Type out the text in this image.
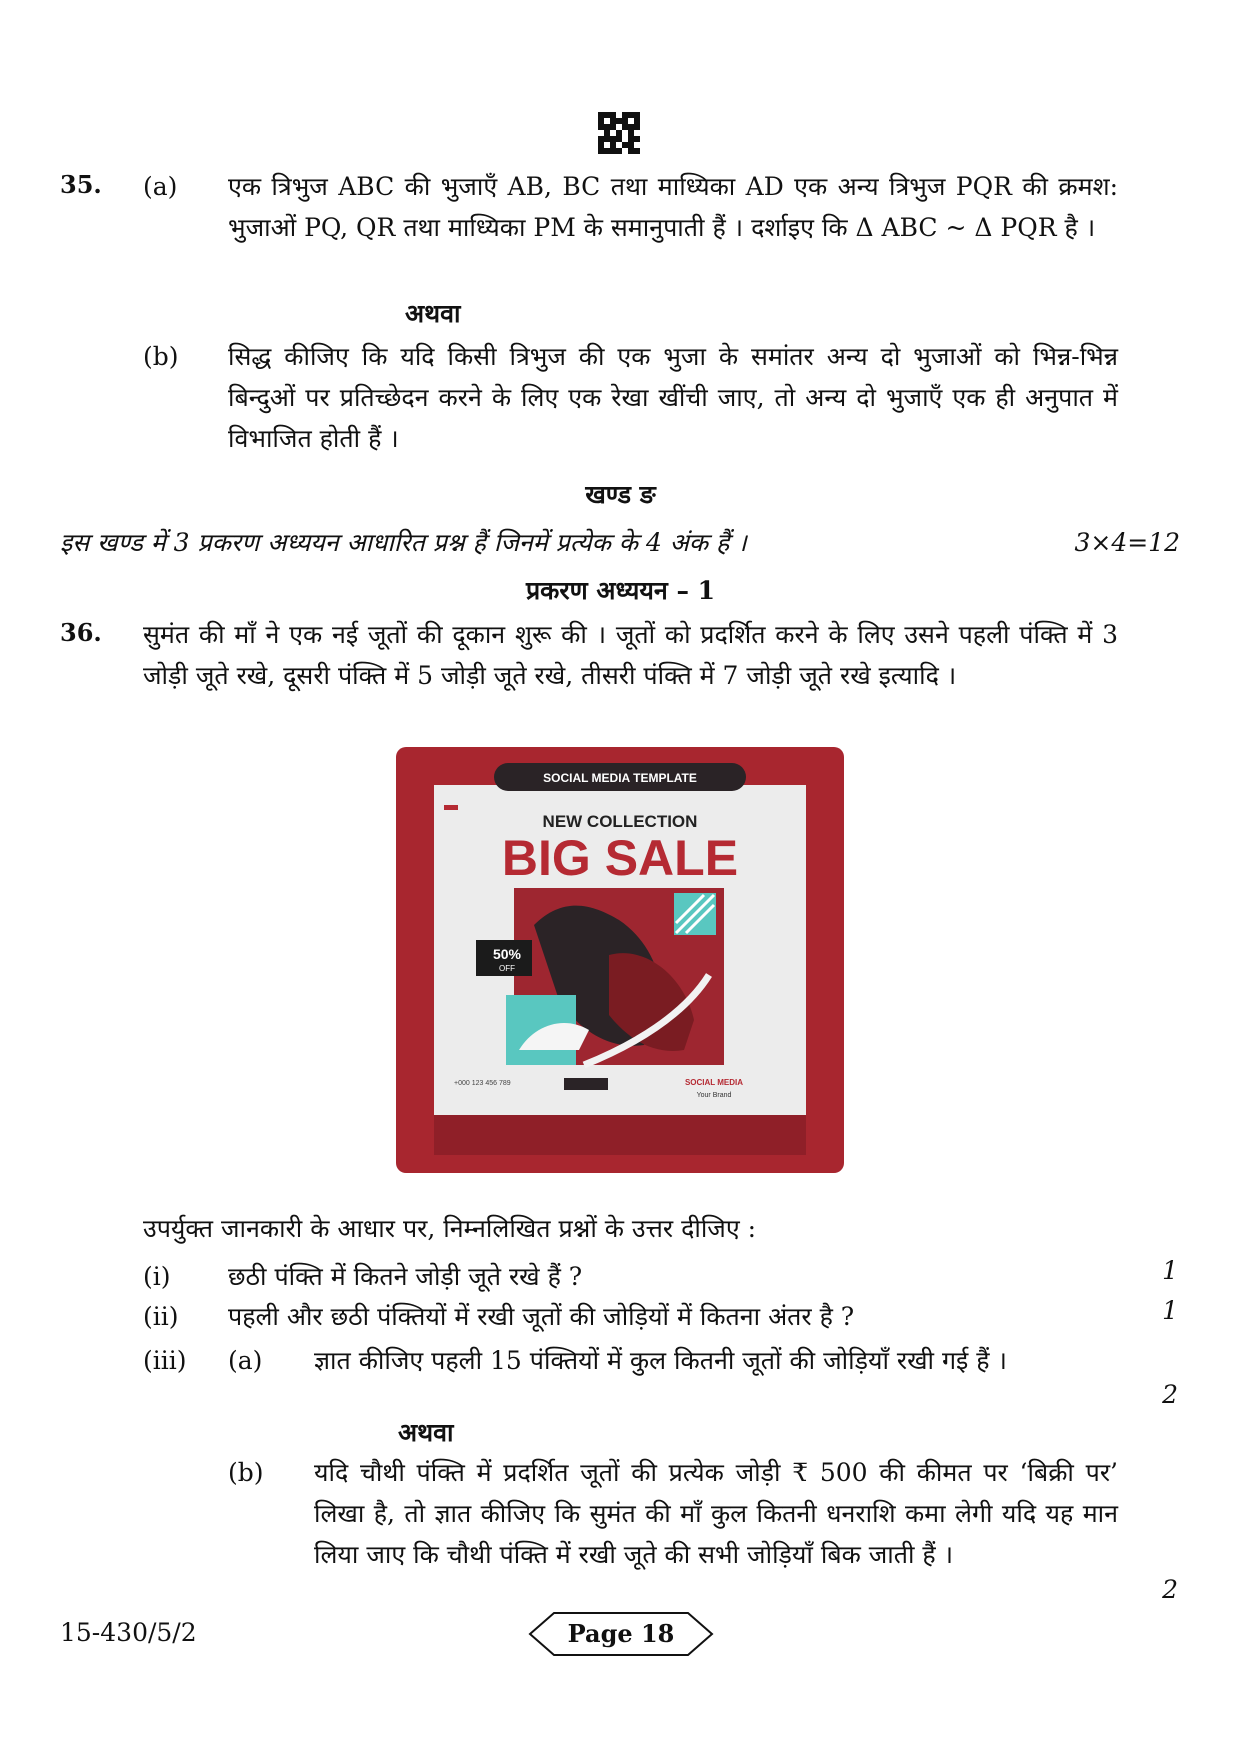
35. (a) एक त्रिभुज ABC की भुजाएँ AB, BC तथा माध्यिका AD एक अन्य त्रिभुज PQR की क्रमश: भुजाओं PQ, QR तथा माध्यिका PM के समानुपाती हैं । दर्शाइए कि Δ ABC ~ Δ PQR है ।
अथवा
(b) सिद्ध कीजिए कि यदि किसी त्रिभुज की एक भुजा के समांतर अन्य दो भुजाओं को भिन्न-भिन्न बिन्दुओं पर प्रतिच्छेदन करने के लिए एक रेखा खींची जाए, तो अन्य दो भुजाएँ एक ही अनुपात में विभाजित होती हैं ।
खण्ड ङ
इस खण्ड में 3 प्रकरण अध्ययन आधारित प्रश्न हैं जिनमें प्रत्येक के 4 अंक हैं ।	3×4=12
प्रकरण अध्ययन – 1
36. सुमंत की माँ ने एक नई जूतों की दूकान शुरू की । जूतों को प्रदर्शित करने के लिए उसने पहली पंक्ति में 3 जोड़ी जूते रखे, दूसरी पंक्ति में 5 जोड़ी जूते रखे, तीसरी पंक्ति में 7 जोड़ी जूते रखे इत्यादि ।
SOCIAL MEDIA TEMPLATE
NEW COLLECTION
BIG SALE
50%
OFF
+000 123 456 789	SOCIAL MEDIA
Your Brand
उपर्युक्त जानकारी के आधार पर, निम्नलिखित प्रश्नों के उत्तर दीजिए :
(i) छठी पंक्ति में कितने जोड़ी जूते रखे हैं ?	1
(ii) पहली और छठी पंक्तियों में रखी जूतों की जोड़ियों में कितना अंतर है ?	1
(iii) (a) ज्ञात कीजिए पहली 15 पंक्तियों में कुल कितनी जूतों की जोड़ियाँ रखी गई हैं ।
2
अथवा
(b) यदि चौथी पंक्ति में प्रदर्शित जूतों की प्रत्येक जोड़ी ₹ 500 की कीमत पर ‘बिक्री पर’ लिखा है, तो ज्ञात कीजिए कि सुमंत की माँ कुल कितनी धनराशि कमा लेगी यदि यह मान लिया जाए कि चौथी पंक्ति में रखी जूते की सभी जोड़ियाँ बिक जाती हैं ।
2
15-430/5/2	Page 18
